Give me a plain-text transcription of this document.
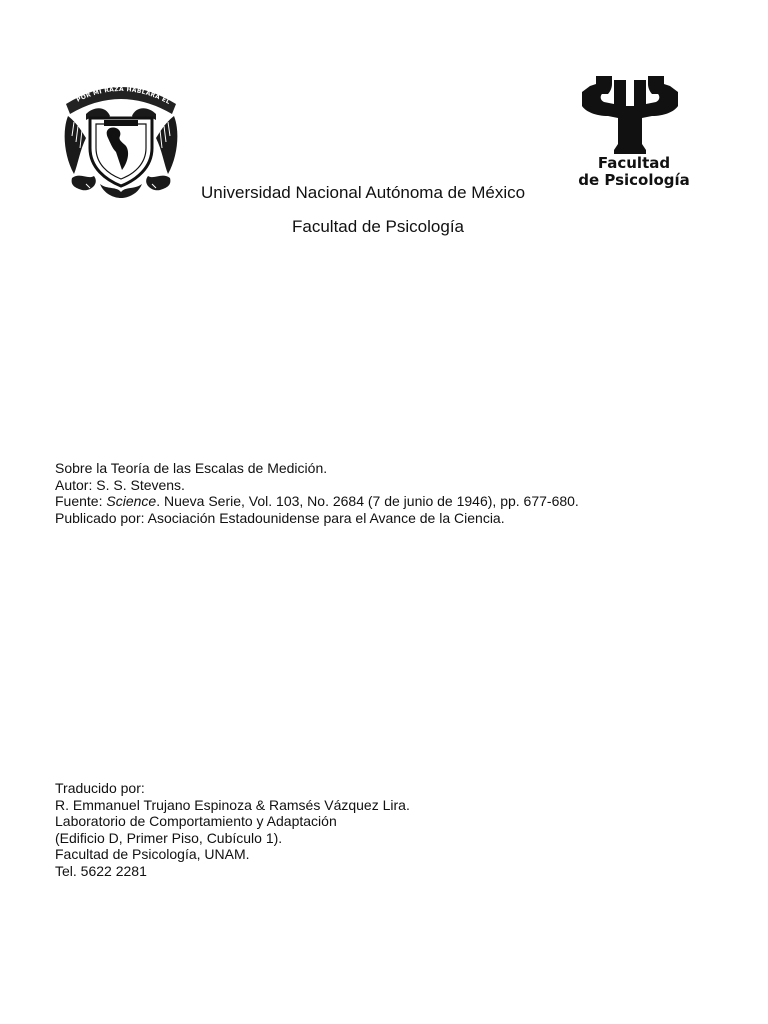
POR MI RAZA HABLARA EL
Facultad
de Psicología
Universidad Nacional Autónoma de México
Facultad de Psicología
Sobre la Teoría de las Escalas de Medición.
Autor: S. S. Stevens.
Fuente: Science. Nueva Serie, Vol. 103, No. 2684 (7 de junio de 1946), pp. 677-680.
Publicado por: Asociación Estadounidense para el Avance de la Ciencia.
Traducido por:
R. Emmanuel Trujano Espinoza & Ramsés Vázquez Lira.
Laboratorio de Comportamiento y Adaptación
(Edificio D, Primer Piso, Cubículo 1).
Facultad de Psicología, UNAM.
Tel. 5622 2281
